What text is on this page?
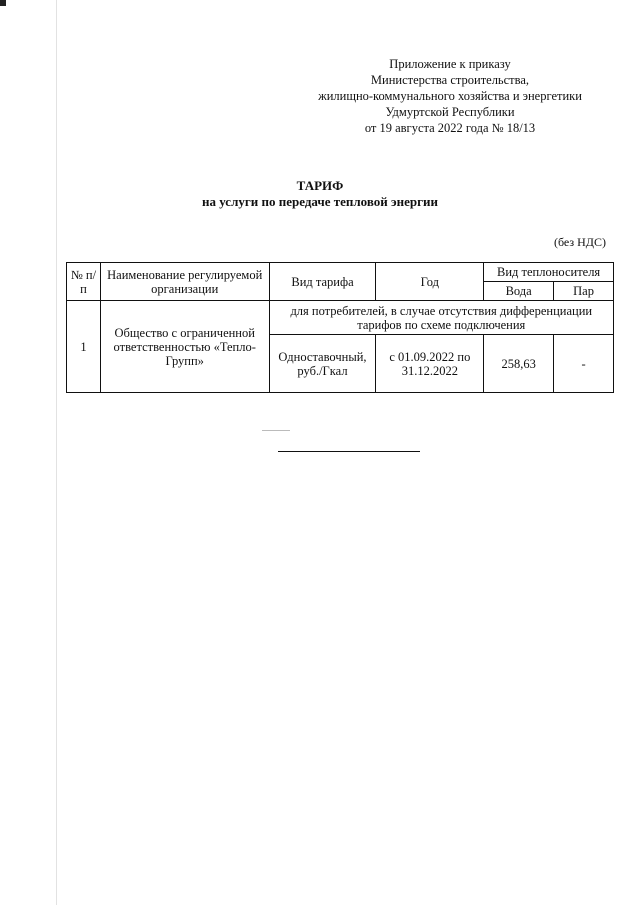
Приложение к приказу
Министерства строительства,
жилищно-коммунального хозяйства и энергетики
Удмуртской Республики
от 19 августа 2022 года № 18/13
ТАРИФ
на услуги по передаче тепловой энергии
(без НДС)
№ п/п	Наименование регулируемой организации	Вид тарифа	Год	Вид теплоносителя	
				Вода	Пар
1	Общество с ограниченной ответственностью «Тепло-Групп»	для потребителей, в случае отсутствия дифференциации тарифов по схеме подключения			
		Одноставочный, руб./Гкал	с 01.09.2022 по 31.12.2022	258,63	-
